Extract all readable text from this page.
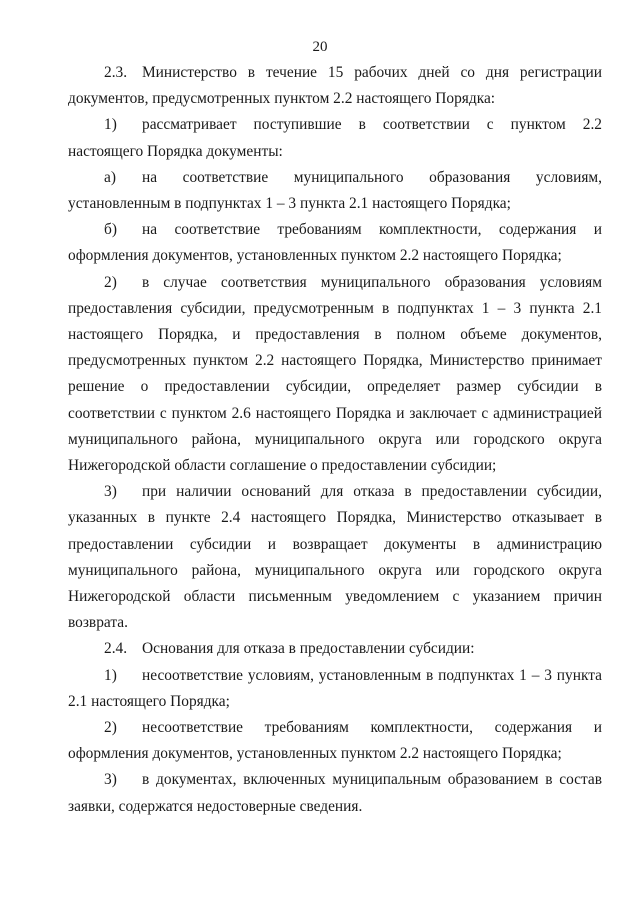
20

2.3. Министерство в течение 15 рабочих дней со дня регистрации документов, предусмотренных пунктом 2.2 настоящего Порядка:

1) рассматривает поступившие в соответствии с пунктом 2.2 настоящего Порядка документы:

а) на соответствие муниципального образования условиям, установленным в подпунктах 1 – 3 пункта 2.1 настоящего Порядка;

б) на соответствие требованиям комплектности, содержания и оформления документов, установленных пунктом 2.2 настоящего Порядка;

2) в случае соответствия муниципального образования условиям предоставления субсидии, предусмотренным в подпунктах 1 – 3 пункта 2.1 настоящего Порядка, и предоставления в полном объеме документов, предусмотренных пунктом 2.2 настоящего Порядка, Министерство принимает решение о предоставлении субсидии, определяет размер субсидии в соответствии с пунктом 2.6 настоящего Порядка и заключает с администрацией муниципального района, муниципального округа или городского округа Нижегородской области соглашение о предоставлении субсидии;

3) при наличии оснований для отказа в предоставлении субсидии, указанных в пункте 2.4 настоящего Порядка, Министерство отказывает в предоставлении субсидии и возвращает документы в администрацию муниципального района, муниципального округа или городского округа Нижегородской области письменным уведомлением с указанием причин возврата.

2.4. Основания для отказа в предоставлении субсидии:

1) несоответствие условиям, установленным в подпунктах 1 – 3 пункта 2.1 настоящего Порядка;

2) несоответствие требованиям комплектности, содержания и оформления документов, установленных пунктом 2.2 настоящего Порядка;

3) в документах, включенных муниципальным образованием в состав заявки, содержатся недостоверные сведения.
